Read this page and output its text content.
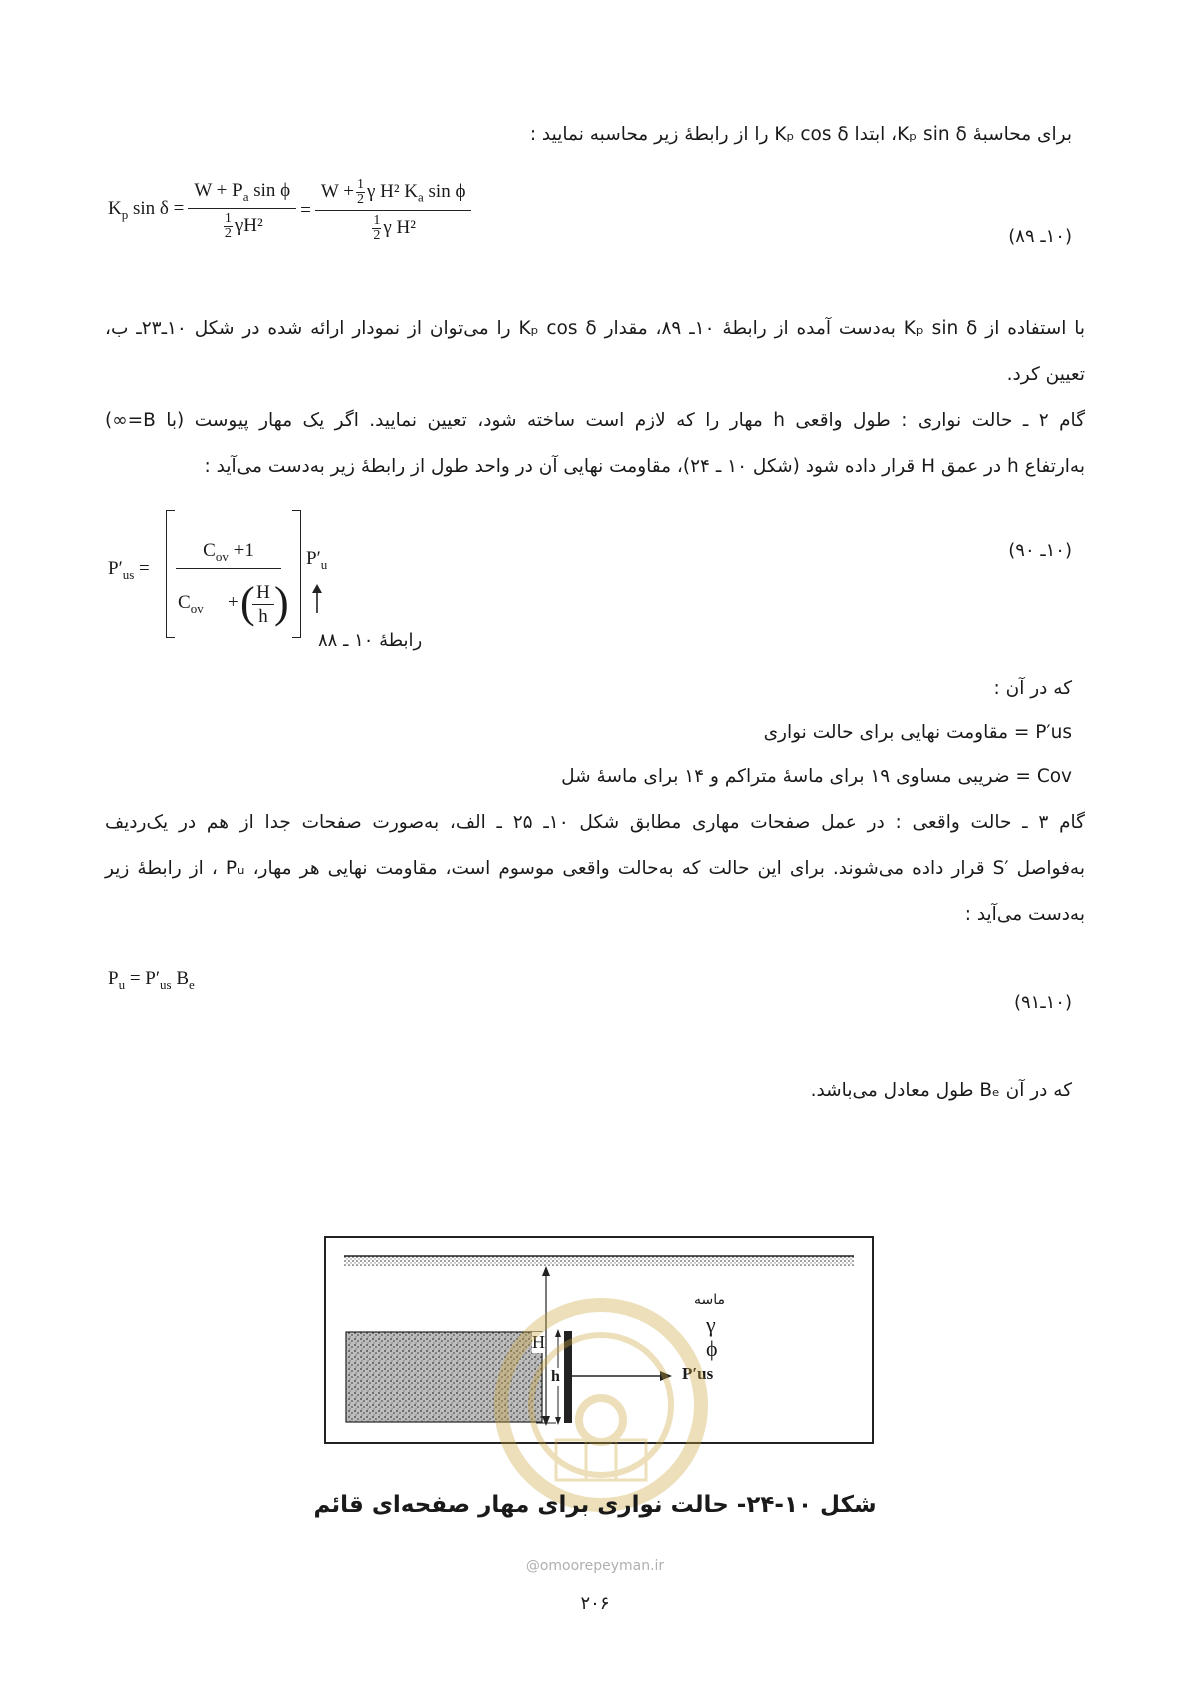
برای محاسبهٔ Kₚ sin δ، ابتدا Kₚ cos δ را از رابطهٔ زیر محاسبه نمایید :
$K_p$ $\sin \delta = \frac{W + P_a \sin \phi}{\frac{1}{2} \gamma H^2} = \frac{W + \frac{1}{2} \gamma H^2 K_a \sin \phi}{\frac{1}{2} \gamma H^2}$	(۱۰ـ ۸۹)
با استفاده از Kₚ sin δ به‌دست آمده از رابطهٔ ۱۰ـ ۸۹، مقدار Kₚ cos δ را می‌توان از نمودار ارائه شده در شکل ۱۰ـ۲۳ـ ب،
تعیین کرد.
گام ۲ ـ حالت نواری : طول واقعی h مهار را که لازم است ساخته شود، تعیین نمایید. اگر یک مهار پیوست (با B=∞)
به‌ارتفاع h در عمق H قرار داده شود (شکل ۱۰ ـ ۲۴)، مقاومت نهایی آن در واحد طول از رابطهٔ زیر به‌دست می‌آید :
$P'_{us}$ =
$C_{ov} +1$
$C_{ov}$ + ( H
h )
$P'_u$
(۱۰ـ ۹۰)
رابطهٔ ۱۰ ـ ۸۸
که در آن :
P′us = مقاومت نهایی برای حالت نواری
Cov = ضریبی مساوی ۱۹ برای ماسهٔ متراکم و ۱۴ برای ماسهٔ شل
گام ۳ ـ حالت واقعی : در عمل صفحات مهاری مطابق شکل ۱۰ـ ۲۵ ـ الف، به‌صورت صفحات جدا از هم در یک‌ردیف
به‌فواصل ′S قرار داده می‌شوند. برای این حالت که به‌حالت واقعی موسوم است، مقاومت نهایی هر مهار، Pᵤ ، از رابطهٔ زیر
به‌دست می‌آید :
$P_u = P'_{us}$ $B_e$
(۱۰ـ۹۱)
که در آن Bₑ طول معادل می‌باشد.
H
h
ماسه
γ
ϕ
P′us
شکل ۱۰-۲۴- حالت نواری برای مهار صفحه‌ای قائم
@omoorepeyman.ir
۲۰۶
